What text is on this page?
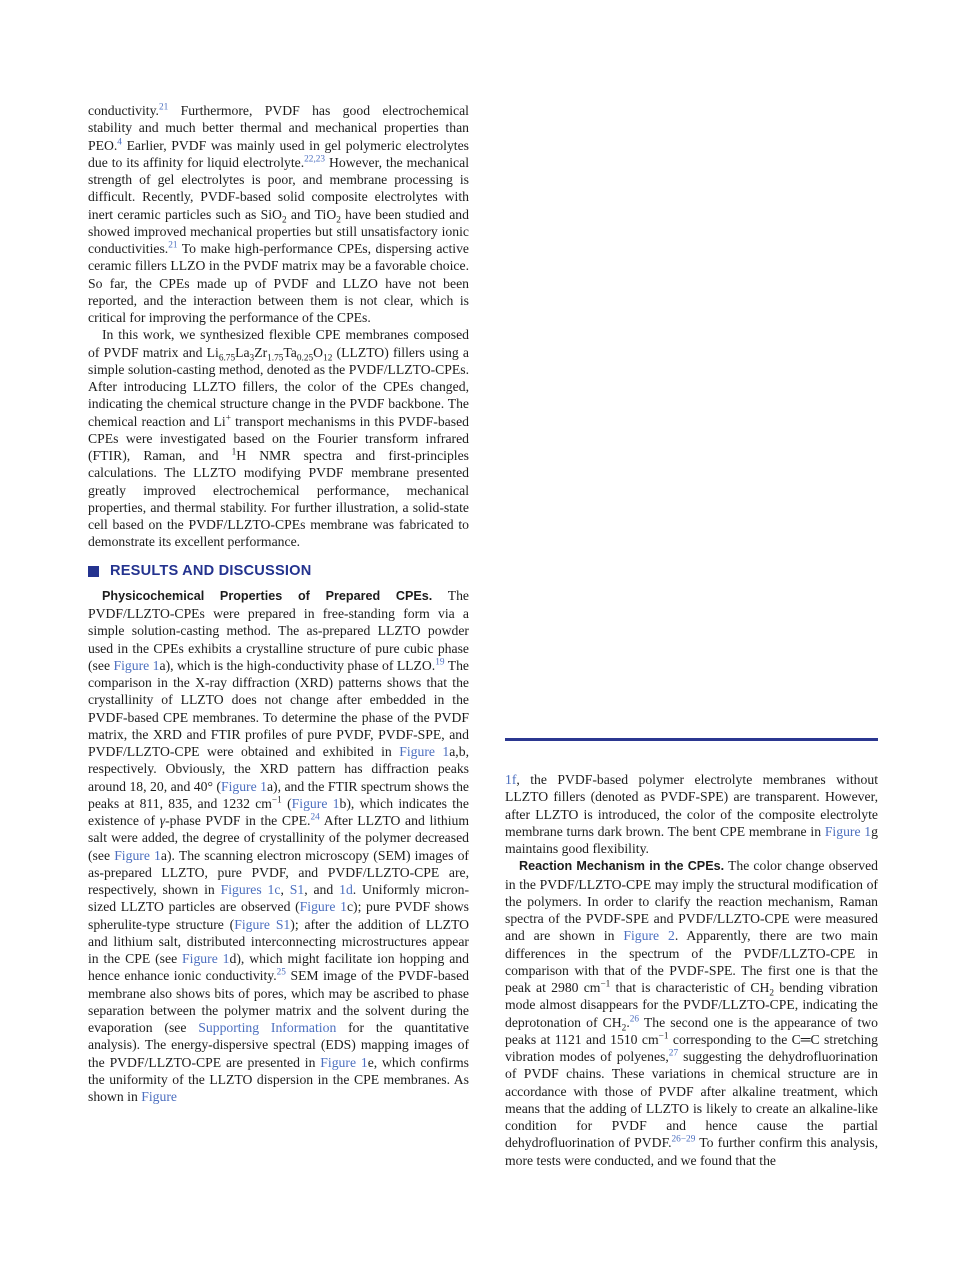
conductivity.$^{21}$ Furthermore, PVDF has good electrochemical stability and much better thermal and mechanical properties than PEO.$^4$ Earlier, PVDF was mainly used in gel polymeric electrolytes due to its affinity for liquid electrolyte.$^{22,23}$ However, the mechanical strength of gel electrolytes is poor, and membrane processing is difficult. Recently, PVDF-based solid composite electrolytes with inert ceramic particles such as SiO$_2$ and TiO$_2$ have been studied and showed improved mechanical properties but still unsatisfactory ionic conductivities.$^{21}$ To make high-performance CPEs, dispersing active ceramic fillers LLZO in the PVDF matrix may be a favorable choice. So far, the CPEs made up of PVDF and LLZO have not been reported, and the interaction between them is not clear, which is critical for improving the performance of the CPEs.

In this work, we synthesized flexible CPE membranes composed of PVDF matrix and $Li_{6.75}La_3Zr_{1.75}Ta_{0.25}O_{12}$ (LLZTO) fillers using a simple solution-casting method, denoted as the PVDF/LLZTO-CPEs. After introducing LLZTO fillers, the color of the CPEs changed, indicating the chemical structure change in the PVDF backbone. The chemical reaction and Li+ transport mechanisms in this PVDF-based CPEs were investigated based on the Fourier transform infrared (FTIR), Raman, and $^1$H NMR spectra and first-principles calculations. The LLZTO modifying PVDF membrane presented greatly improved electrochemical performance, mechanical properties, and thermal stability. For further illustration, a solid-state cell based on the PVDF/LLZTO-CPEs membrane was fabricated to demonstrate its excellent performance.

RESULTS AND DISCUSSION

Physicochemical Properties of Prepared CPEs. The PVDF/LLZTO-CPEs were prepared in free-standing form via a simple solution-casting method. The as-prepared LLZTO powder used in the CPEs exhibits a crystalline structure of pure cubic phase (see Figure 1a), which is the high-conductivity phase of LLZO.$^{19}$ The comparison in the X-ray diffraction (XRD) patterns shows that the crystallinity of LLZTO does not change after embedded in the PVDF-based CPE membranes. To determine the phase of the PVDF matrix, the XRD and FTIR profiles of pure PVDF, PVDF-SPE, and PVDF/LLZTO-CPE were obtained and exhibited in Figure 1a,b, respectively. Obviously, the XRD pattern has diffraction peaks around 18, 20, and 40° (Figure 1a), and the FTIR spectrum shows the peaks at 811, 835, and 1232 $cm^{-1}$ (Figure 1b), which indicates the existence of γ-phase PVDF in the CPE.$^{24}$ After LLZTO and lithium salt were added, the degree of crystallinity of the polymer decreased (see Figure 1a). The scanning electron microscopy (SEM) images of as-prepared LLZTO, pure PVDF, and PVDF/LLZTO-CPE are, respectively, shown in Figures 1c, S1, and 1d. Uniformly micron-sized LLZTO particles are observed (Figure 1c); pure PVDF shows spherulite-type structure (Figure S1); after the addition of LLZTO and lithium salt, distributed interconnecting microstructures appear in the CPE (see Figure 1d), which might facilitate ion hopping and hence enhance ionic conductivity.$^{25}$ SEM image of the PVDF-based membrane also shows bits of pores, which may be ascribed to phase separation between the polymer matrix and the solvent during the evaporation (see Supporting Information for the quantitative analysis). The energy-dispersive spectral (EDS) mapping images of the PVDF/LLZTO-CPE are presented in Figure 1e, which confirms the uniformity of the LLZTO dispersion in the CPE membranes. As shown in Figure

1f, the PVDF-based polymer electrolyte membranes without LLZTO fillers (denoted as PVDF-SPE) are transparent. However, after LLZTO is introduced, the color of the composite electrolyte membrane turns dark brown. The bent CPE membrane in Figure 1g maintains good flexibility.

Reaction Mechanism in the CPEs. The color change observed in the PVDF/LLZTO-CPE may imply the structural modification of the polymers. In order to clarify the reaction mechanism, Raman spectra of the PVDF-SPE and PVDF/LLZTO-CPE were measured and are shown in Figure 2. Apparently, there are two main differences in the spectrum of the PVDF/LLZTO-CPE in comparison with that of the PVDF-SPE. The first one is that the peak at 2980 $cm^{-1}$ that is characteristic of $CH_2$ bending vibration mode almost disappears for the PVDF/LLZTO-CPE, indicating the deprotonation of $CH_2.^{26}$ The second one is the appearance of two peaks at 1121 and 1510 $cm^{-1}$ corresponding to the C═C stretching vibration modes of polyenes,$^{27}$ suggesting the dehydrofluorination of PVDF chains. These variations in chemical structure are in accordance with those of PVDF after alkaline treatment, which means that the adding of LLZTO is likely to create an alkaline-like condition for PVDF and hence cause the partial dehydrofluorination of PVDF.$^{26-29}$ To further confirm this analysis, more tests were conducted, and we found that the
